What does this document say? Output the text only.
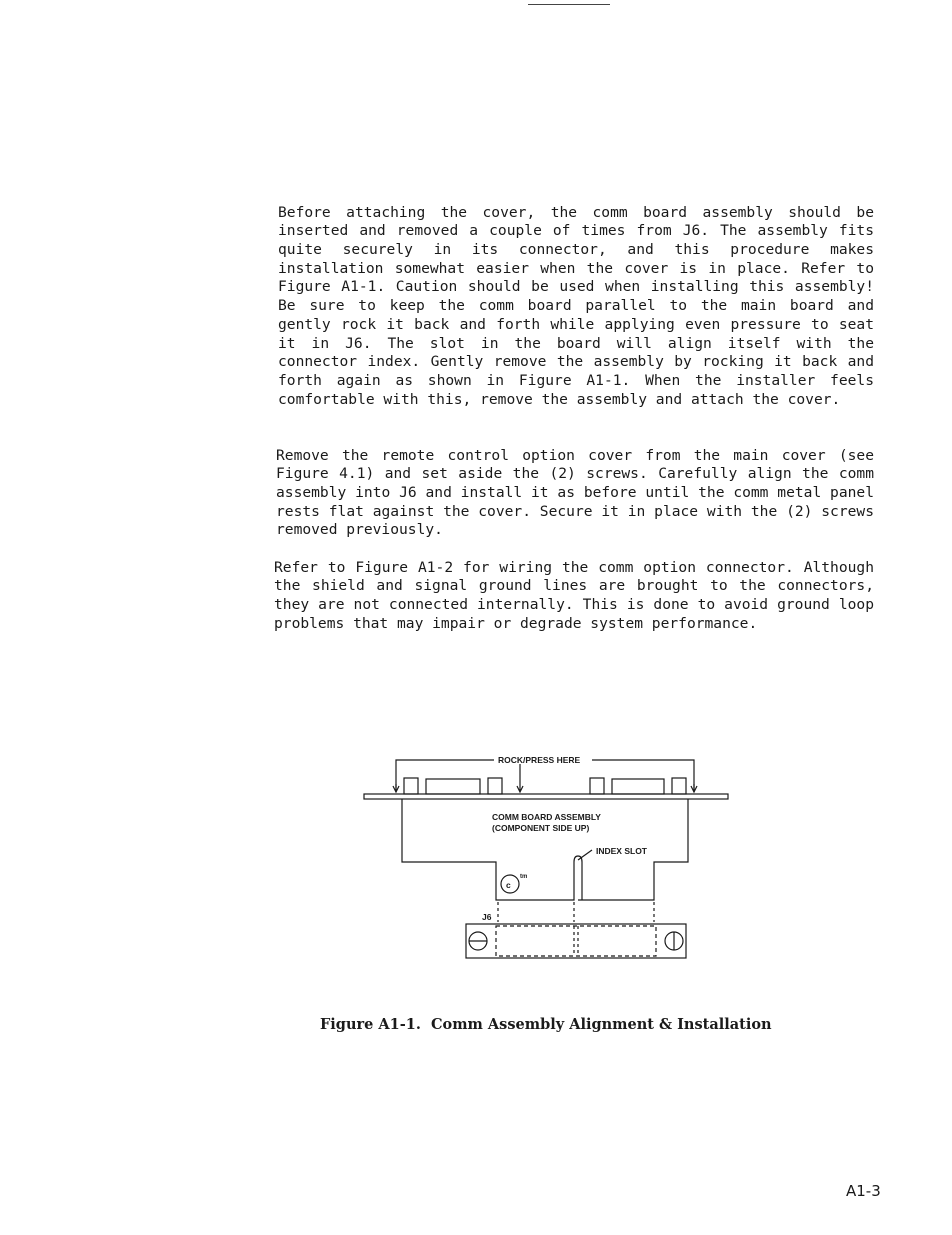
Before attaching the cover, the comm board assembly should be inserted and removed a couple of times from J6. The assembly fits quite securely in its connector, and this procedure makes installation somewhat easier when the cover is in place. Refer to Figure A1-1. Caution should be used when installing this assembly! Be sure to keep the comm board parallel to the main board and gently rock it back and forth while applying even pressure to seat it in J6. The slot in the board will align itself with the connector index. Gently remove the assembly by rocking it back and forth again as shown in Figure A1-1. When the installer feels comfortable with this, remove the assembly and attach the cover.

Remove the remote control option cover from the main cover (see Figure 4.1) and set aside the (2) screws. Carefully align the comm assembly into J6 and install it as before until the comm metal panel rests flat against the cover. Secure it in place with the (2) screws removed previously.

Refer to Figure A1-2 for wiring the comm option connector. Although the shield and signal ground lines are brought to the connectors, they are not connected internally. This is done to avoid ground loop problems that may impair or degrade system performance.

ROCK/PRESS HERE
COMM BOARD ASSEMBLY
(COMPONENT SIDE UP)
INDEX SLOT
c
tm
J6
Figure A1-1.  Comm Assembly Alignment & Installation
A1-3
